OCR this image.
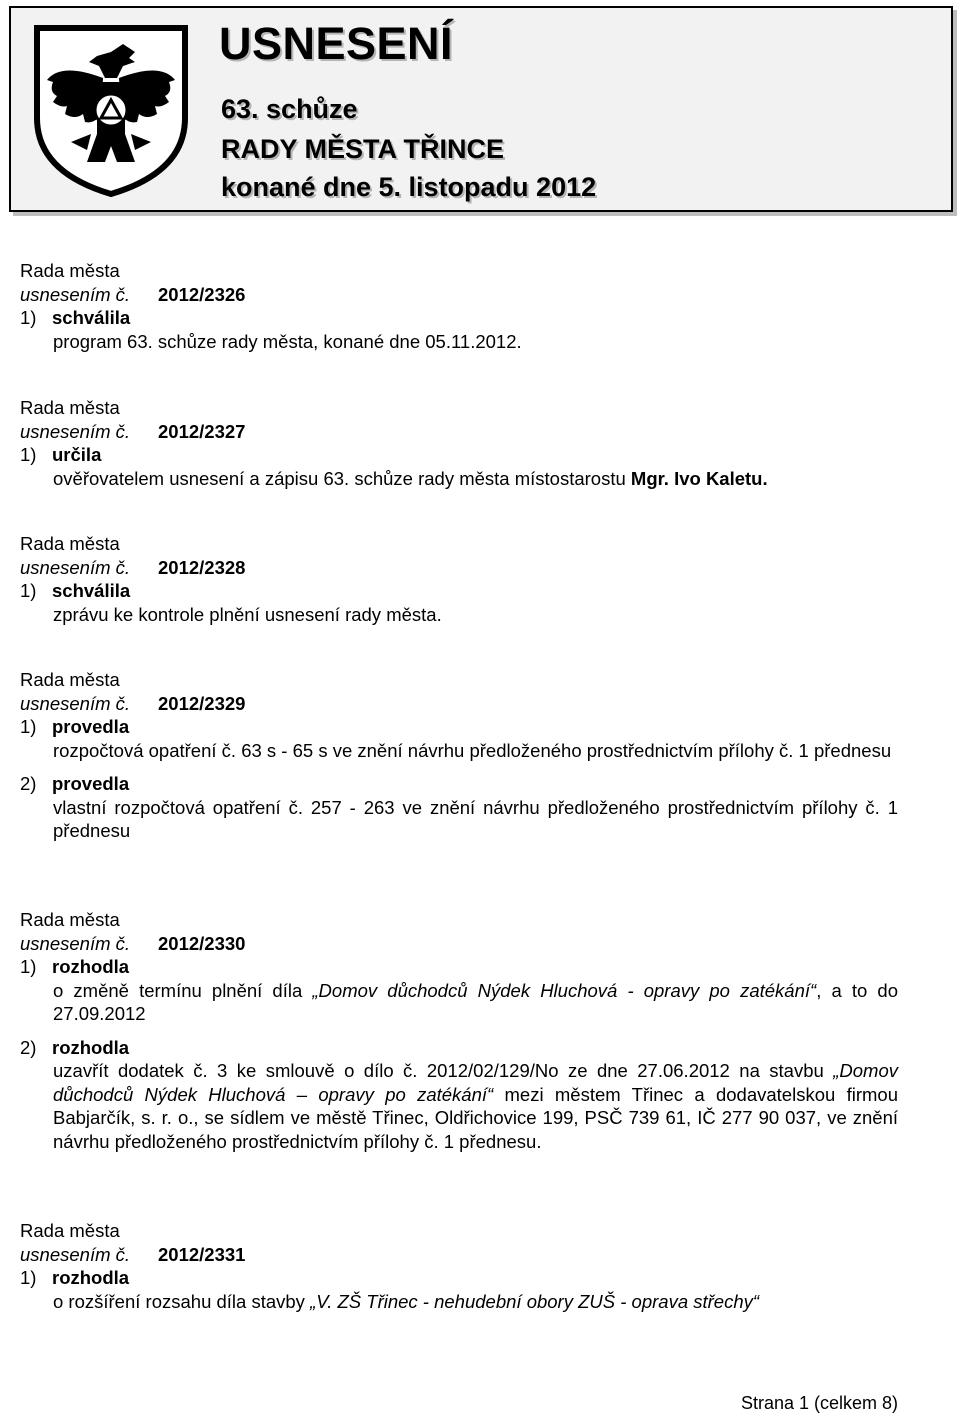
USNESENÍ
63. schůze
RADY MĚSTA TŘINCE
konané dne 5. listopadu 2012
Rada města
usnesením č. 2012/2326
1) schválila
program 63. schůze rady města, konané dne 05.11.2012.
Rada města
usnesením č. 2012/2327
1) určila
ověřovatelem usnesení a zápisu 63. schůze rady města místostarostu Mgr. Ivo Kaletu.
Rada města
usnesením č. 2012/2328
1) schválila
zprávu ke kontrole plnění usnesení rady města.
Rada města
usnesením č. 2012/2329
1) provedla
rozpočtová opatření č. 63 s - 65 s ve znění návrhu předloženého prostřednictvím přílohy č. 1 přednesu
2) provedla
vlastní rozpočtová opatření č. 257 - 263 ve znění návrhu předloženého prostřednictvím přílohy č. 1 přednesu
Rada města
usnesením č. 2012/2330
1) rozhodla
o změně termínu plnění díla „Domov důchodců Nýdek Hluchová - opravy po zatékání“, a to do 27.09.2012
2) rozhodla
uzavřít dodatek č. 3 ke smlouvě o dílo č. 2012/02/129/No ze dne 27.06.2012 na stavbu „Domov důchodců Nýdek Hluchová – opravy po zatékání“ mezi městem Třinec a dodavatelskou firmou Babjarčík, s. r. o., se sídlem ve městě Třinec, Oldřichovice 199, PSČ 739 61, IČ 277 90 037, ve znění návrhu předloženého prostřednictvím přílohy č. 1 přednesu.
Rada města
usnesením č. 2012/2331
1) rozhodla
o rozšíření rozsahu díla stavby „V. ZŠ Třinec - nehudební obory ZUŠ - oprava střechy“
Strana 1 (celkem 8)
